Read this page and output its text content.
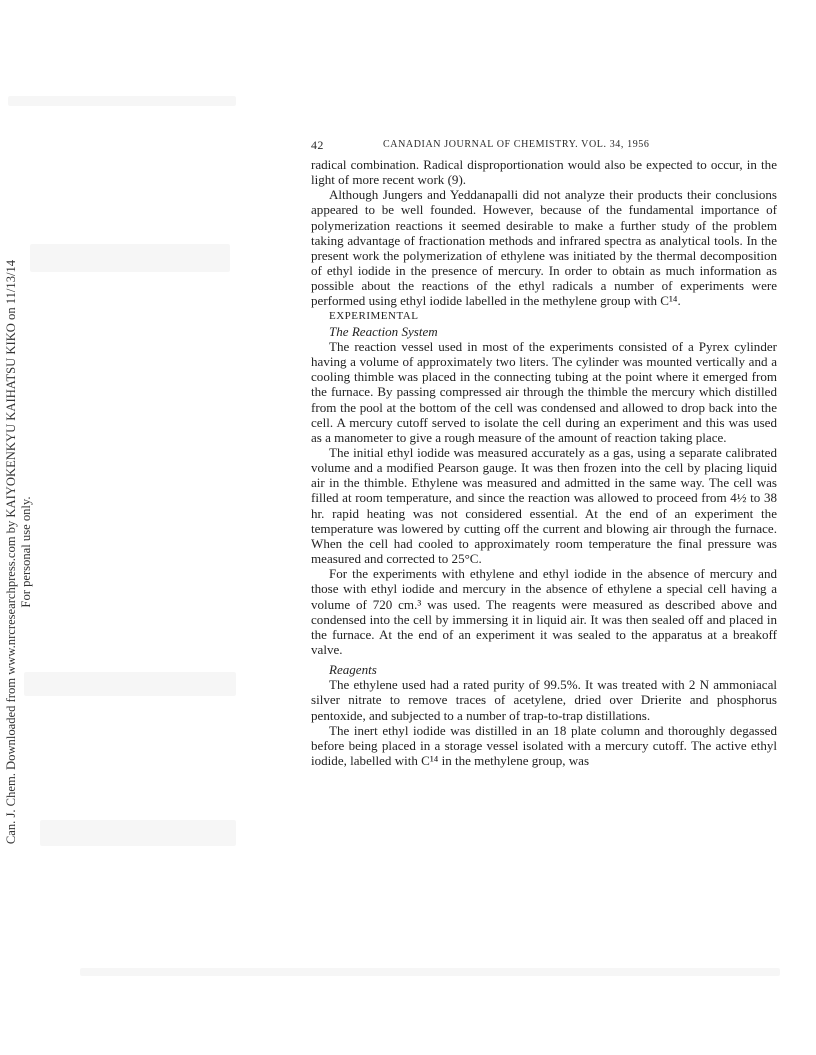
42	CANADIAN JOURNAL OF CHEMISTRY. VOL. 34, 1956

radical combination. Radical disproportionation would also be expected to occur, in the light of more recent work (9).

Although Jungers and Yeddanapalli did not analyze their products their conclusions appeared to be well founded. However, because of the fundamental importance of polymerization reactions it seemed desirable to make a further study of the problem taking advantage of fractionation methods and infrared spectra as analytical tools. In the present work the polymerization of ethylene was initiated by the thermal decomposition of ethyl iodide in the presence of mercury. In order to obtain as much information as possible about the reactions of the ethyl radicals a number of experiments were performed using ethyl iodide labelled in the methylene group with C¹⁴.

EXPERIMENTAL

The Reaction System

The reaction vessel used in most of the experiments consisted of a Pyrex cylinder having a volume of approximately two liters. The cylinder was mounted vertically and a cooling thimble was placed in the connecting tubing at the point where it emerged from the furnace. By passing compressed air through the thimble the mercury which distilled from the pool at the bottom of the cell was condensed and allowed to drop back into the cell. A mercury cutoff served to isolate the cell during an experiment and this was used as a manometer to give a rough measure of the amount of reaction taking place.

The initial ethyl iodide was measured accurately as a gas, using a separate calibrated volume and a modified Pearson gauge. It was then frozen into the cell by placing liquid air in the thimble. Ethylene was measured and admitted in the same way. The cell was filled at room temperature, and since the reaction was allowed to proceed from 4½ to 38 hr. rapid heating was not considered essential. At the end of an experiment the temperature was lowered by cutting off the current and blowing air through the furnace. When the cell had cooled to approximately room temperature the final pressure was measured and corrected to 25°C.

For the experiments with ethylene and ethyl iodide in the absence of mercury and those with ethyl iodide and mercury in the absence of ethylene a special cell having a volume of 720 cm.³ was used. The reagents were measured as described above and condensed into the cell by immersing it in liquid air. It was then sealed off and placed in the furnace. At the end of an experiment it was sealed to the apparatus at a breakoff valve.

Reagents

The ethylene used had a rated purity of 99.5%. It was treated with 2 N ammoniacal silver nitrate to remove traces of acetylene, dried over Drierite and phosphorus pentoxide, and subjected to a number of trap-to-trap distillations.

The inert ethyl iodide was distilled in an 18 plate column and thoroughly degassed before being placed in a storage vessel isolated with a mercury cutoff. The active ethyl iodide, labelled with C¹⁴ in the methylene group, was

Can. J. Chem. Downloaded from www.nrcresearchpress.com by KAIYOKENKYU KAIHATSU KIKO on 11/13/14 For personal use only.
